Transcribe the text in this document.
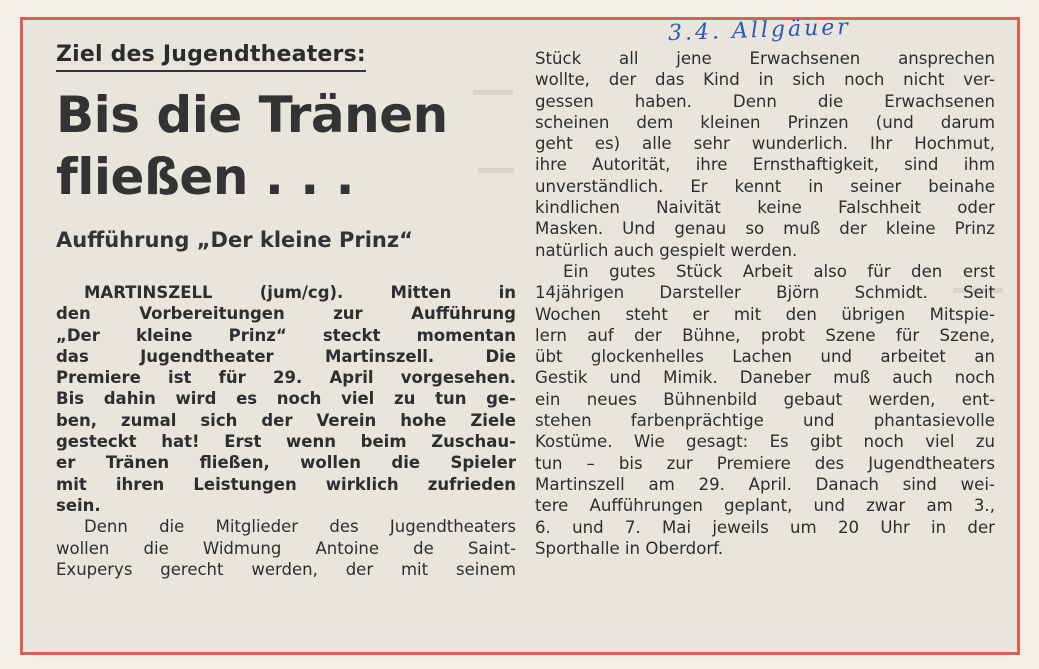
Ziel des Jugendtheaters:
Bis die Tränen
fließen . . .
Aufführung „Der kleine Prinz“

MARTINSZELL (jum/cg). Mitten in
den Vorbereitungen zur Aufführung
„Der kleine Prinz“ steckt momentan
das Jugendtheater Martinszell. Die
Premiere ist für 29. April vorgesehen.
Bis dahin wird es noch viel zu tun ge-
ben, zumal sich der Verein hohe Ziele
gesteckt hat! Erst wenn beim Zuschau-
er Tränen fließen, wollen die Spieler
mit ihren Leistungen wirklich zufrieden
sein.

Denn die Mitglieder des Jugendtheaters
wollen die Widmung Antoine de Saint-
Exuperys gerecht werden, der mit seinem

Stück all jene Erwachsenen ansprechen
wollte, der das Kind in sich noch nicht ver-
gessen haben. Denn die Erwachsenen
scheinen dem kleinen Prinzen (und darum
geht es) alle sehr wunderlich. Ihr Hochmut,
ihre Autorität, ihre Ernsthaftigkeit, sind ihm
unverständlich. Er kennt in seiner beinahe
kindlichen Naivität keine Falschheit oder
Masken. Und genau so muß der kleine Prinz
natürlich auch gespielt werden.

Ein gutes Stück Arbeit also für den erst
14jährigen Darsteller Björn Schmidt. Seit
Wochen steht er mit den übrigen Mitspie-
lern auf der Bühne, probt Szene für Szene,
übt glockenhelles Lachen und arbeitet an
Gestik und Mimik. Daneber muß auch noch
ein neues Bühnenbild gebaut werden, ent-
stehen farbenprächtige und phantasievolle
Kostüme. Wie gesagt: Es gibt noch viel zu
tun – bis zur Premiere des Jugendtheaters
Martinszell am 29. April. Danach sind wei-
tere Aufführungen geplant, und zwar am 3.,
6. und 7. Mai jeweils um 20 Uhr in der
Sporthalle in Oberdorf.

3.4. Allgäuer
